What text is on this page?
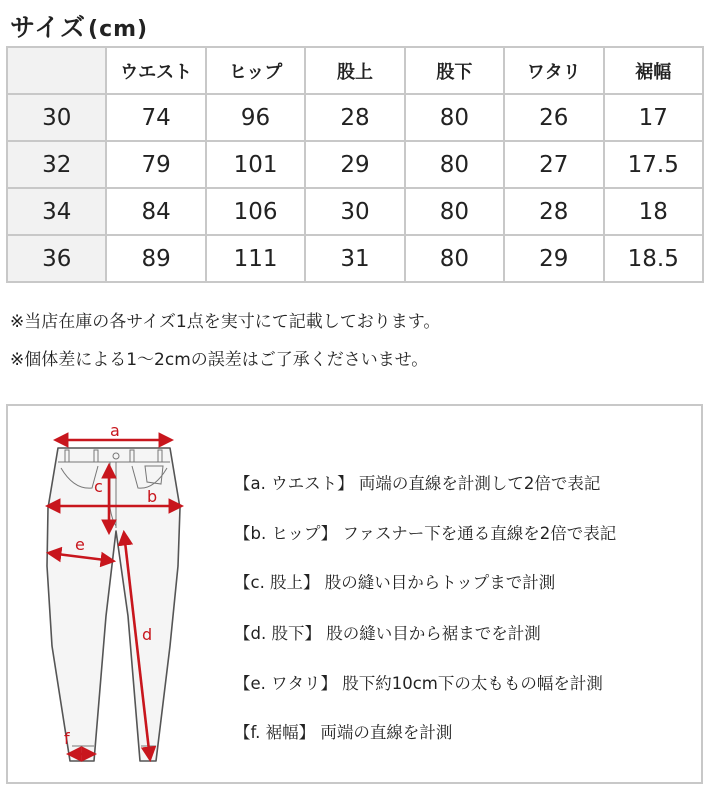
サイズ(cm)
	ウエスト	ヒップ	股上	股下	ワタリ	裾幅
30	74	96	28	80	26	17
32	79	101	29	80	27	17.5
34	84	106	30	80	28	18
36	89	111	31	80	29	18.5
※当店在庫の各サイズ1点を実寸にて記載しております。
※個体差による1〜2cmの誤差はご了承くださいませ。
a
b
c
d
e
f
【a. ウエスト】 両端の直線を計測して2倍で表記
【b. ヒップ】 ファスナー下を通る直線を2倍で表記
【c. 股上】 股の縫い目からトップまで計測
【d. 股下】 股の縫い目から裾までを計測
【e. ワタリ】 股下約10cm下の太ももの幅を計測
【f. 裾幅】 両端の直線を計測
